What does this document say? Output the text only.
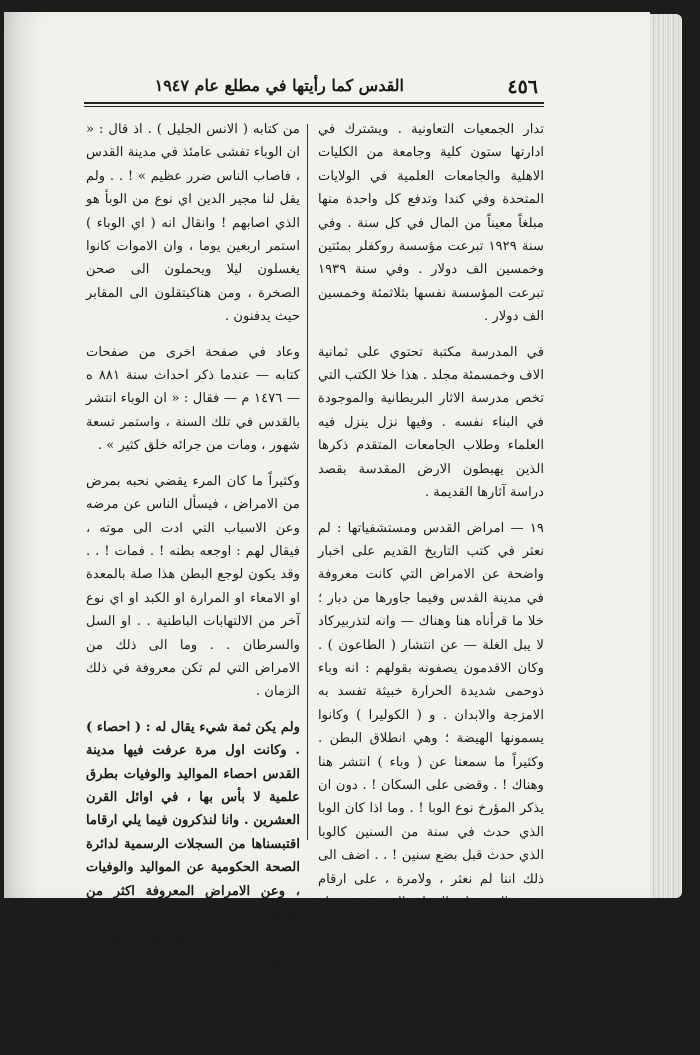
٤٥٦
القدس كما رأيتها في مطلع عام ١٩٤٧

تدار الجمعيات التعاونية . ويشترك في ادارتها ستون كلية وجامعة من الكليات الاهلية والجامعات العلمية في الولايات المتحدة وفي كندا وتدفع كل واحدة منها مبلغاً معيناً من المال في كل سنة . وفي سنة ١٩٢٩ تبرعت مؤسسة روكفلر بمئتين وخمسين الف دولار . وفي سنة ١٩٣٩ تبرعت المؤسسة نفسها بثلاثمئة وخمسين الف دولار .

في المدرسة مكتبة تحتوي على ثمانية الاف وخمسمئة مجلد . هذا خلا الكتب التي تخص مدرسة الاثار البريطانية والموجودة في البناء نفسه . وفيها نزل ينزل فيه العلماء وطلاب الجامعات المتقدم ذكرها الذين يهبطون الارض المقدسة بقصد دراسة آثارها القديمة .

١٩ — امراض القدس ومستشفياتها : لم نعثر في كتب التاريخ القديم على اخبار واضحة عن الامراض التي كانت معروفة في مدينة القدس وفيما جاورها من دبار ؛ خلا ما قرأناه هنا وهناك — وانه لتذربيركاد لا يبل الغلة — عن انتشار ( الطاعون ) . وكان الاقدمون يصفونه بقولهم : انه وباء ذوحمى شديدة الحرارة خبيثة تفسد به الامزجة والابدان . و ( الكوليرا ) وكانوا يسمونها الهيضة ؛ وهي انطلاق البطن . وكثيراً ما سمعنا عن ( وباء ) انتشر هنا وهناك ! . وقضى على السكان ! . دون ان يذكر المؤرخ نوع الوبا ! . وما اذا كان الوبا الذي حدث في سنة من السنين كالوبا الذي حدث قبل بضع سنين ! . . اضف الى ذلك اننا لم نعثر ، ولامرة ، على ارقام تشير الى مبلغ الخطر الذي تعرض له السكان سوى قولهم : ان الوباء قضى على خلق كثير ! . .

من ذلك مثلاً ، ما قاله مجير الدين عندما ذكر احداث عام ٨٧٣ه — ١٤٦٨ م في الصفحة ٦٢١

من كتابه ( الانس الجليل ) . اذ قال : « ان الوباء تفشى عامئذ في مدينة القدس ، فاصاب الناس ضرر عظيم » ! . . ولم يقل لنا مجير الدين اي نوع من الوبأ هو الذي اصابهم ! وانقال انه ( اي الوباء ) استمر اربعين يوما ، وان الاموات كانوا يغسلون ليلا ويحملون الى صحن الصخرة ، ومن هناكيتقلون الى المقابر حيث يدفنون .

وعاد في صفحة اخرى من صفحات كتابه — عندما ذكر احداث سنة ٨٨١ ه — ١٤٧٦ م — فقال : « ان الوباء انتشر بالقدس في تلك السنة ، واستمر تسعة شهور ، ومات من جرائه خلق كثير » .

وكثيراً ما كان المرء يقضي نحبه بمرض من الامراض ، فيسأل الناس عن مرضه وعن الاسباب التي ادت الى موته ، فيقال لهم : اوجعه بطنه ! . فمات ! . . وقد يكون لوجع البطن هذا صلة بالمعدة او الامعاء او المرارة او الكبد او اي نوع آخر من الالتهابات الباطنية . . او السل والسرطان . . وما الى ذلك من الامراض التي لم تكن معروفة في ذلك الزمان .

ولم يكن ثمة شيء يقال له : ( احصاء ) . وكانت اول مرة عرفت فيها مدينة القدس احصاء المواليد والوفيات بطرق علمية لا بأس بها ، في اوائل القرن العشرين . وانا لنذكرون فيما يلي ارقاما اقتبسناها من السجلات الرسمية لدائرة الصحة الحكومية عن المواليد والوفيات ، وعن الامراض المعروفة اكثر من غيرها في مدينة القدس ، وعن عدد الاشخاص الذين اصيبوا بها وماتوا من جرائها ، في عدد من السنين :
